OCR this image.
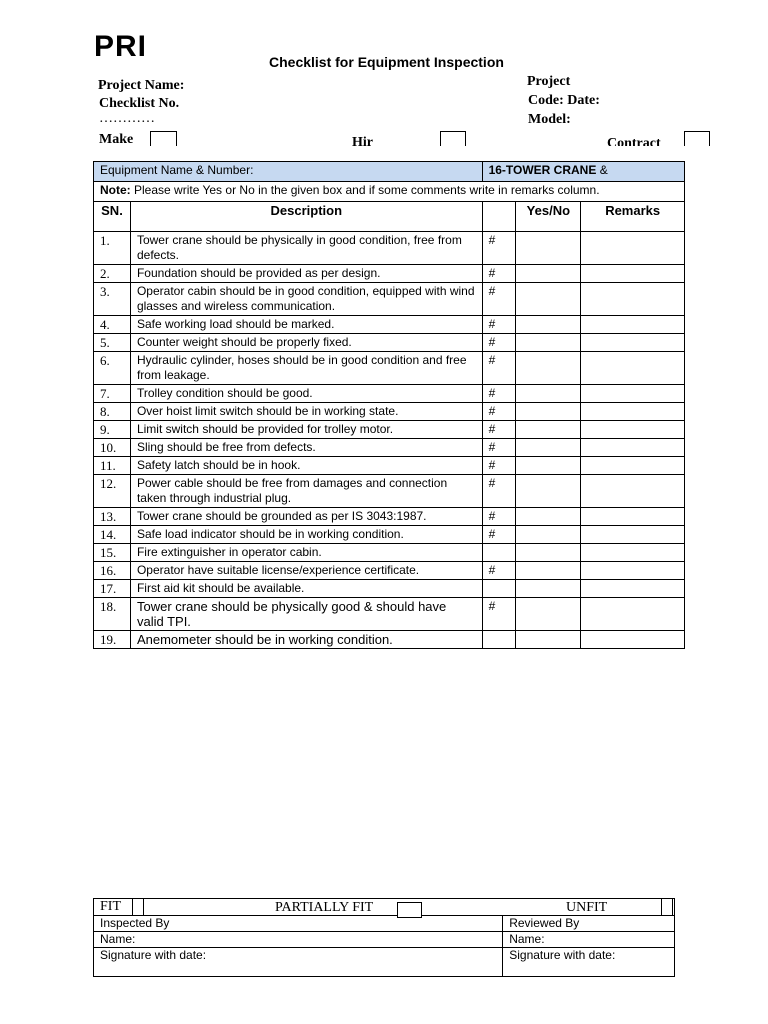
PRI	Checklist for Equipment Inspection
Project Name:
Checklist No.
…………
Make	Hir
Project
Code: Date:
Model:
Contract
Equipment Name & Number:		16-TOWER CRANE &		
Note: Please write Yes or No in the given box and if some comments write in remarks column.				
SN.	Description		Yes/No	Remarks
1.	Tower crane should be physically in good condition, free from defects.	#		
2.	Foundation should be provided as per design.	#		
3.	Operator cabin should be in good condition, equipped with wind glasses and wireless communication.	#		
4.	Safe working load should be marked.	#		
5.	Counter weight should be properly fixed.	#		
6.	Hydraulic cylinder, hoses should be in good condition and free from leakage.	#		
7.	Trolley condition should be good.	#		
8.	Over hoist limit switch should be in working state.	#		
9.	Limit switch should be provided for trolley motor.	#		
10.	Sling should be free from defects.	#		
11.	Safety latch should be in hook.	#		
12.	Power cable should be free from damages and connection taken through industrial plug.	#		
13.	Tower crane should be grounded as per IS 3043:1987.	#		
14.	Safe load indicator should be in working condition.	#		
15.	Fire extinguisher in operator cabin.			
16.	Operator have suitable license/experience certificate.	#		
17.	First aid kit should be available.			
18.	Tower crane should be physically good & should have valid TPI.	#		
19.	Anemometer should be in working condition.			
FIT		PARTIALLY FIT UNFIT			

Inspected By			Reviewed By		
Name:			Name:		
Signature with date:			Signature with date:		
